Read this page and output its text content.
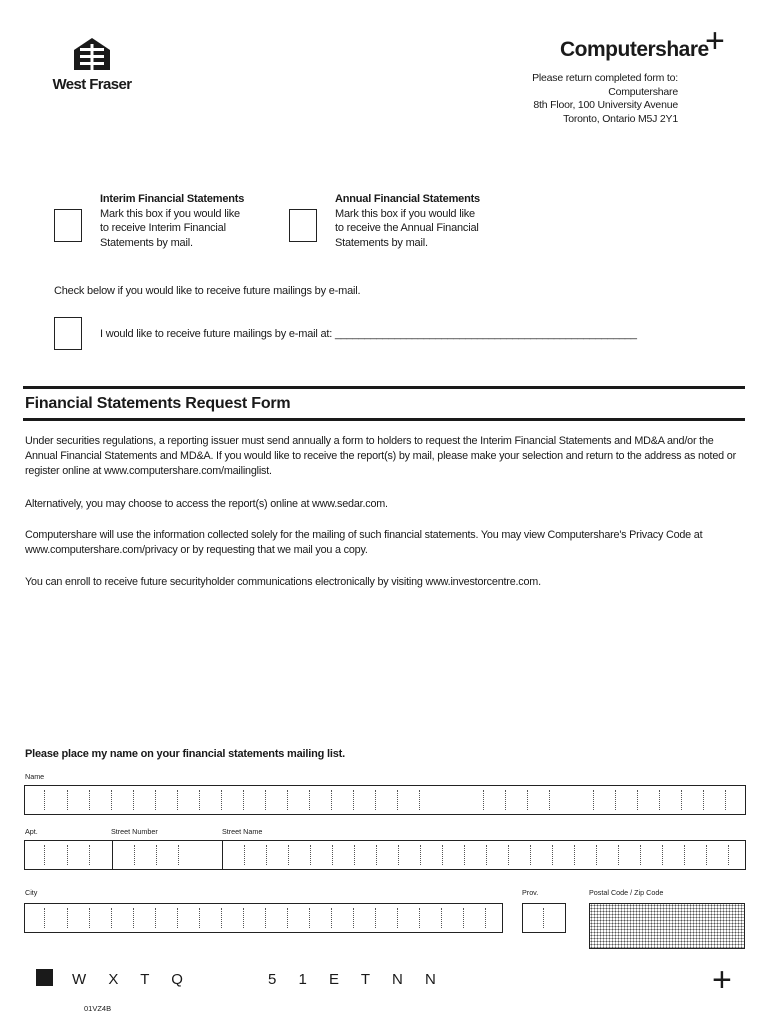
West Fraser
Computershare
+
Please return completed form to:
Computershare
8th Floor, 100 University Avenue
Toronto, Ontario M5J 2Y1
Interim Financial Statements
Mark this box if you would like
to receive Interim Financial
Statements by mail.
Annual Financial Statements
Mark this box if you would like
to receive the Annual Financial
Statements by mail.
Check below if you would like to receive future mailings by e-mail.
I would like to receive future mailings by e-mail at: ___________________________________________________
Financial Statements Request Form
Under securities regulations, a reporting issuer must send annually a form to holders to request the Interim Financial Statements and MD&A and/or the Annual Financial Statements and MD&A. If you would like to receive the report(s) by mail, please make your selection and return to the address as noted or register online at www.computershare.com/mailinglist.
Alternatively, you may choose to access the report(s) online at www.sedar.com.
Computershare will use the information collected solely for the mailing of such financial statements. You may view Computershare's Privacy Code at www.computershare.com/privacy or by requesting that we mail you a copy.
You can enroll to receive future securityholder communications electronically by visiting www.investorcentre.com.
Please place my name on your financial statements mailing list.
Name
Apt.	Street Number	Street Name
City	Prov.	Postal Code / Zip Code
W X T Q	5 1 E T N N
01VZ4B
+
